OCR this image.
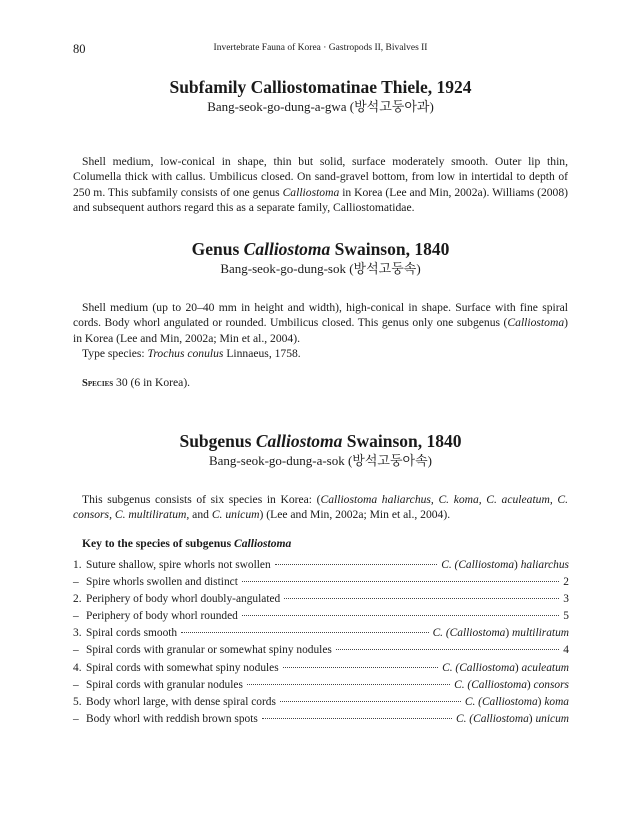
80	Invertebrate Fauna of Korea · Gastropods II, Bivalves II
Subfamily Calliostomatinae Thiele, 1924
Bang-seok-go-dung-a-gwa (방석고둥아과)
Shell medium, low-conical in shape, thin but solid, surface moderately smooth. Outer lip thin, Columella thick with callus. Umbilicus closed. On sand-gravel bottom, from low in intertidal to depth of 250 m. This subfamily consists of one genus Calliostoma in Korea (Lee and Min, 2002a). Williams (2008) and subsequent authors regard this as a separate family, Calliostomatidae.
Genus Calliostoma Swainson, 1840
Bang-seok-go-dung-sok (방석고둥속)
Shell medium (up to 20–40 mm in height and width), high-conical in shape. Surface with fine spiral cords. Body whorl angulated or rounded. Umbilicus closed. This genus only one subgenus (Calliostoma) in Korea (Lee and Min, 2002a; Min et al., 2004).
Type species: Trochus conulus Linnaeus, 1758.
Species 30 (6 in Korea).
Subgenus Calliostoma Swainson, 1840
Bang-seok-go-dung-a-sok (방석고둥아속)
This subgenus consists of six species in Korea: (Calliostoma haliarchus, C. koma, C. aculeatum, C. consors, C. multiliratum, and C. unicum) (Lee and Min, 2002a; Min et al., 2004).
Key to the species of subgenus Calliostoma
1. Suture shallow, spire whorls not swollen	C. (Calliostoma) haliarchus
– Spire whorls swollen and distinct	2
2. Periphery of body whorl doubly-angulated	3
– Periphery of body whorl rounded	5
3. Spiral cords smooth	C. (Calliostoma) multiliratum
– Spiral cords with granular or somewhat spiny nodules	4
4. Spiral cords with somewhat spiny nodules	C. (Calliostoma) aculeatum
– Spiral cords with granular nodules	C. (Calliostoma) consors
5. Body whorl large, with dense spiral cords	C. (Calliostoma) koma
– Body whorl with reddish brown spots	C. (Calliostoma) unicum
